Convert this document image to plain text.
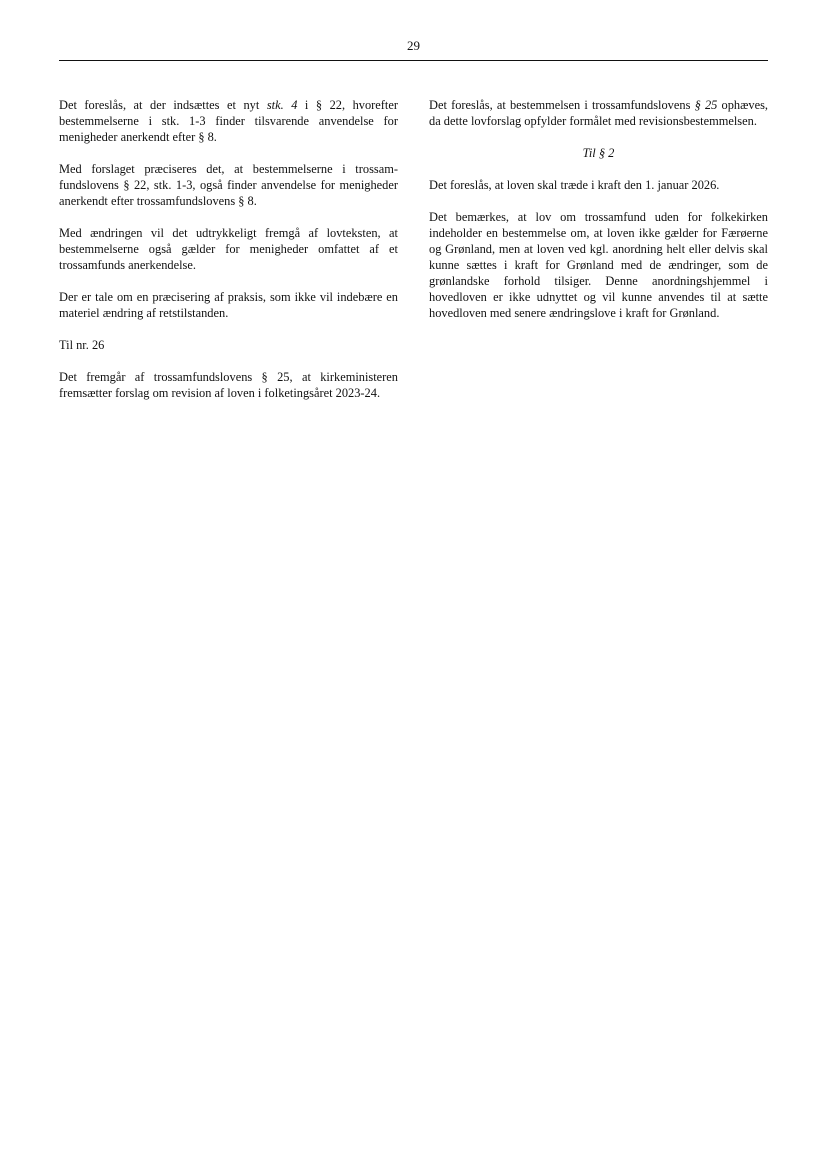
29

Det foreslås, at der indsættes et nyt stk. 4 i § 22, hvorefter bestemmelserne i stk. 1-3 finder tilsvarende anvendelse for menigheder anerkendt efter § 8.

Med forslaget præciseres det, at bestemmelserne i trossamfundslovens § 22, stk. 1-3, også finder anvendelse for menigheder anerkendt efter trossamfundslovens § 8.

Med ændringen vil det udtrykkeligt fremgå af lovteksten, at bestemmelserne også gælder for menigheder omfattet af et trossamfunds anerkendelse.

Der er tale om en præcisering af praksis, som ikke vil indebære en materiel ændring af retstilstanden.

Til nr. 26

Det fremgår af trossamfundslovens § 25, at kirkeministeren fremsætter forslag om revision af loven i folketingsåret 2023-24.

Det foreslås, at bestemmelsen i trossamfundslovens § 25 ophæves, da dette lovforslag opfylder formålet med revisionsbestemmelsen.

Til § 2

Det foreslås, at loven skal træde i kraft den 1. januar 2026.

Det bemærkes, at lov om trossamfund uden for folkekirken indeholder en bestemmelse om, at loven ikke gælder for Færøerne og Grønland, men at loven ved kgl. anordning helt eller delvis skal kunne sættes i kraft for Grønland med de ændringer, som de grønlandske forhold tilsiger. Denne anordningshjemmel i hovedloven er ikke udnyttet og vil kunne anvendes til at sætte hovedloven med senere ændringslove i kraft for Grønland.
